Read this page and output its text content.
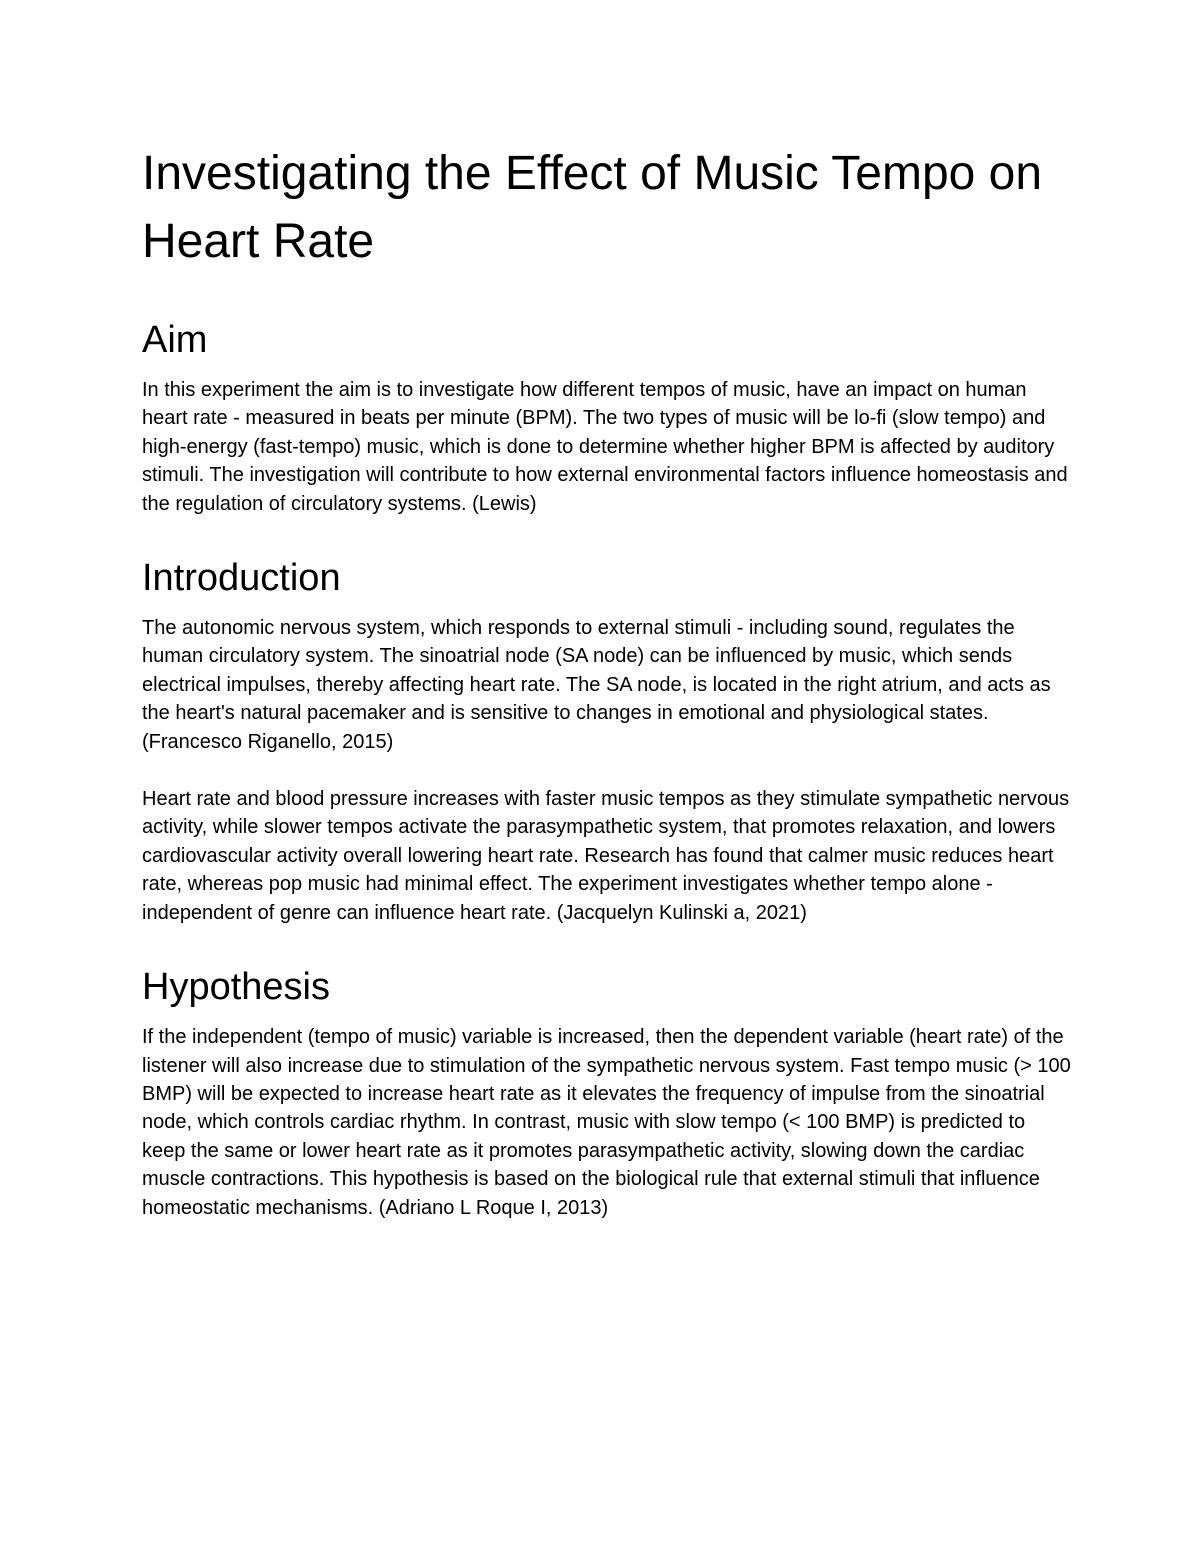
Investigating the Effect of Music Tempo on Heart Rate
Aim

In this experiment the aim is to investigate how different tempos of music, have an impact on human heart rate - measured in beats per minute (BPM). The two types of music will be lo-fi (slow tempo) and high-energy (fast-tempo) music, which is done to determine whether higher BPM is affected by auditory stimuli. The investigation will contribute to how external environmental factors influence homeostasis and the regulation of circulatory systems. (Lewis)

Introduction

The autonomic nervous system, which responds to external stimuli - including sound, regulates the human circulatory system. The sinoatrial node (SA node) can be influenced by music, which sends electrical impulses, thereby affecting heart rate. The SA node, is located in the right atrium, and acts as the heart's natural pacemaker and is sensitive to changes in emotional and physiological states. (Francesco Riganello, 2015)

Heart rate and blood pressure increases with faster music tempos as they stimulate sympathetic nervous activity, while slower tempos activate the parasympathetic system, that promotes relaxation, and lowers cardiovascular activity overall lowering heart rate. Research has found that calmer music reduces heart rate, whereas pop music had minimal effect. The experiment investigates whether tempo alone - independent of genre can influence heart rate. (Jacquelyn Kulinski a, 2021)

Hypothesis

If the independent (tempo of music) variable is increased, then the dependent variable (heart rate) of the listener will also increase due to stimulation of the sympathetic nervous system. Fast tempo music (> 100 BMP) will be expected to increase heart rate as it elevates the frequency of impulse from the sinoatrial node, which controls cardiac rhythm. In contrast, music with slow tempo (< 100 BMP) is predicted to keep the same or lower heart rate as it promotes parasympathetic activity, slowing down the cardiac muscle contractions. This hypothesis is based on the biological rule that external stimuli that influence homeostatic mechanisms. (Adriano L Roque I, 2013)
